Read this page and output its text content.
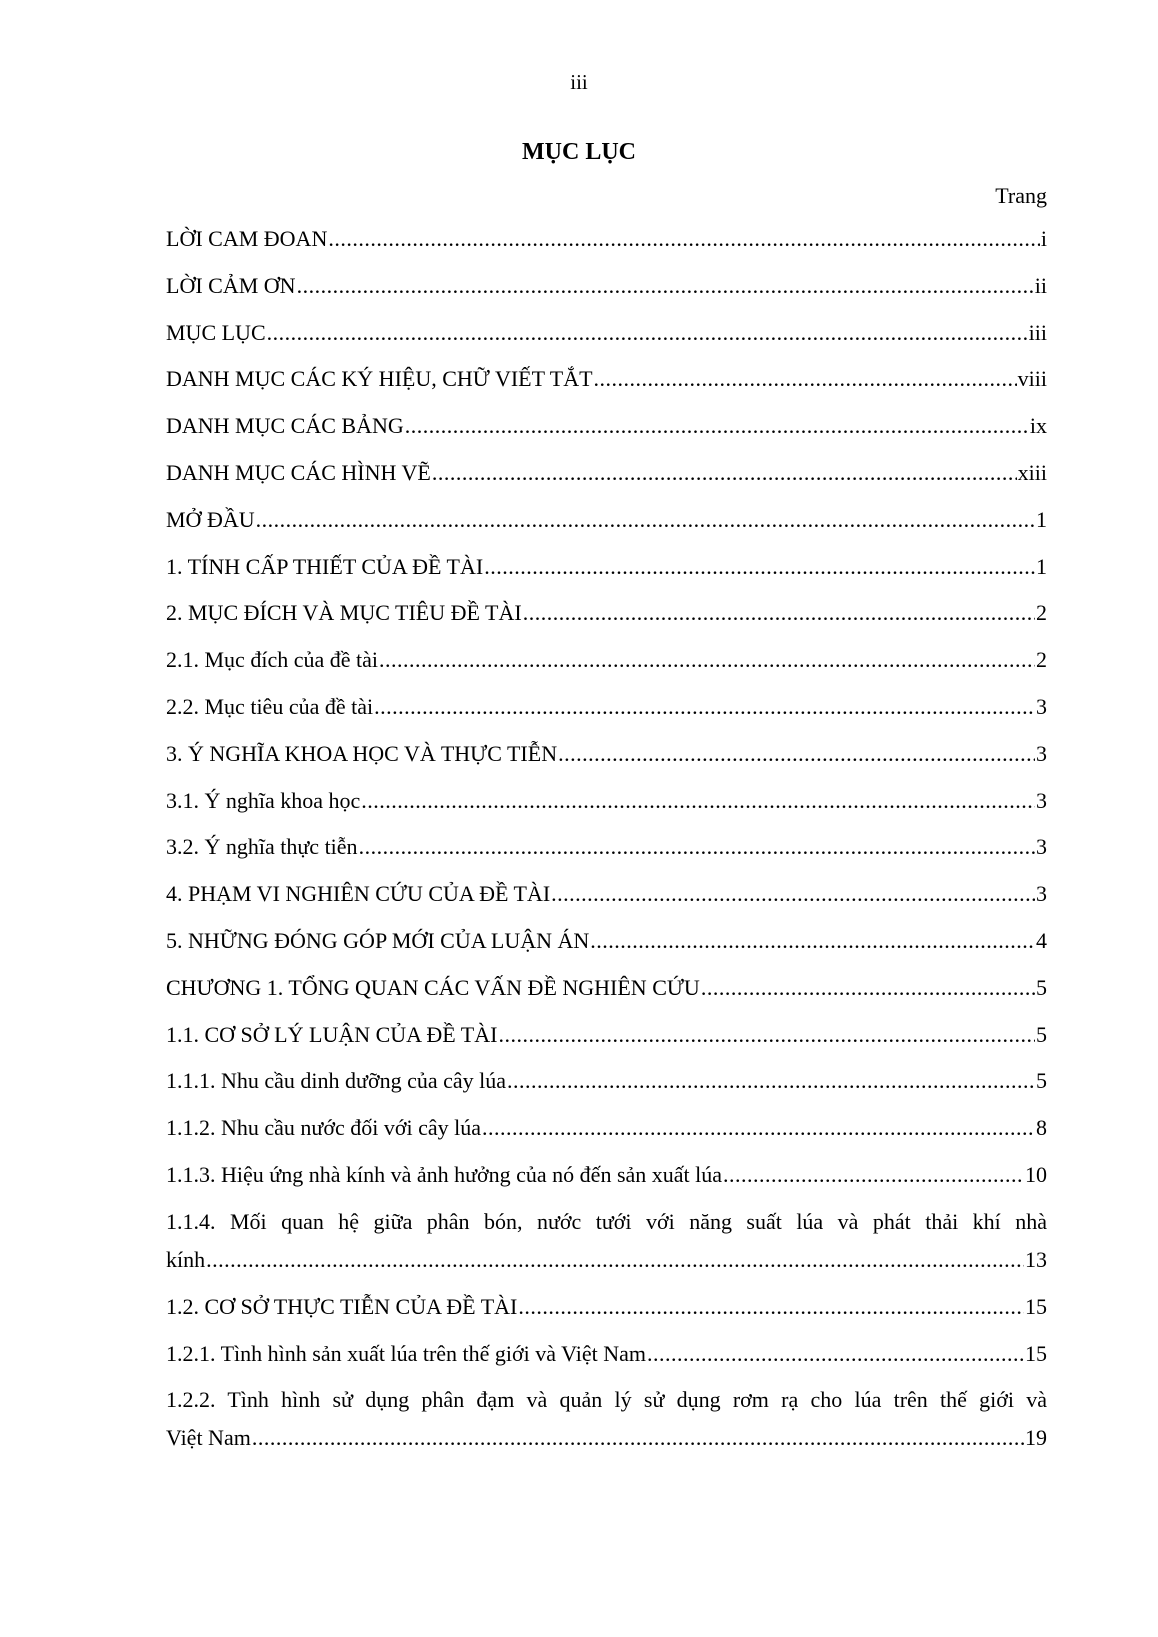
iii
MỤC LỤC
Trang
LỜI CAM ĐOAN .....	i
LỜI CẢM ƠN .....	ii
MỤC LỤC .....	iii
DANH MỤC CÁC KÝ HIỆU, CHỮ VIẾT TẮT .....	viii
DANH MỤC CÁC BẢNG .....	ix
DANH MỤC CÁC HÌNH VẼ .....	xiii
MỞ ĐẦU .....	1
1. TÍNH CẤP THIẾT CỦA ĐỀ TÀI .....	1
2. MỤC ĐÍCH VÀ MỤC TIÊU ĐỀ TÀI .....	2
2.1. Mục đích của đề tài .....	2
2.2. Mục tiêu của đề tài .....	3
3. Ý NGHĨA KHOA HỌC VÀ THỰC TIỄN .....	3
3.1. Ý nghĩa khoa học .....	3
3.2. Ý nghĩa thực tiễn .....	3
4. PHẠM VI NGHIÊN CỨU CỦA ĐỀ TÀI .....	3
5. NHỮNG ĐÓNG GÓP MỚI CỦA LUẬN ÁN .....	4
CHƯƠNG 1. TỔNG QUAN CÁC VẤN ĐỀ NGHIÊN CỨU .....	5
1.1. CƠ SỞ LÝ LUẬN CỦA ĐỀ TÀI .....	5
1.1.1. Nhu cầu dinh dưỡng của cây lúa .....	5
1.1.2. Nhu cầu nước đối với cây lúa .....	8
1.1.3. Hiệu ứng nhà kính và ảnh hưởng của nó đến sản xuất lúa .....	10
1.1.4. Mối quan hệ giữa phân bón, nước tưới với năng suất lúa và phát thải khí nhà
kính .....	13
1.2. CƠ SỞ THỰC TIỄN CỦA ĐỀ TÀI .....	15
1.2.1. Tình hình sản xuất lúa trên thế giới và Việt Nam .....	15
1.2.2. Tình hình sử dụng phân đạm và quản lý sử dụng rơm rạ cho lúa trên thế giới và
Việt Nam .....	19
